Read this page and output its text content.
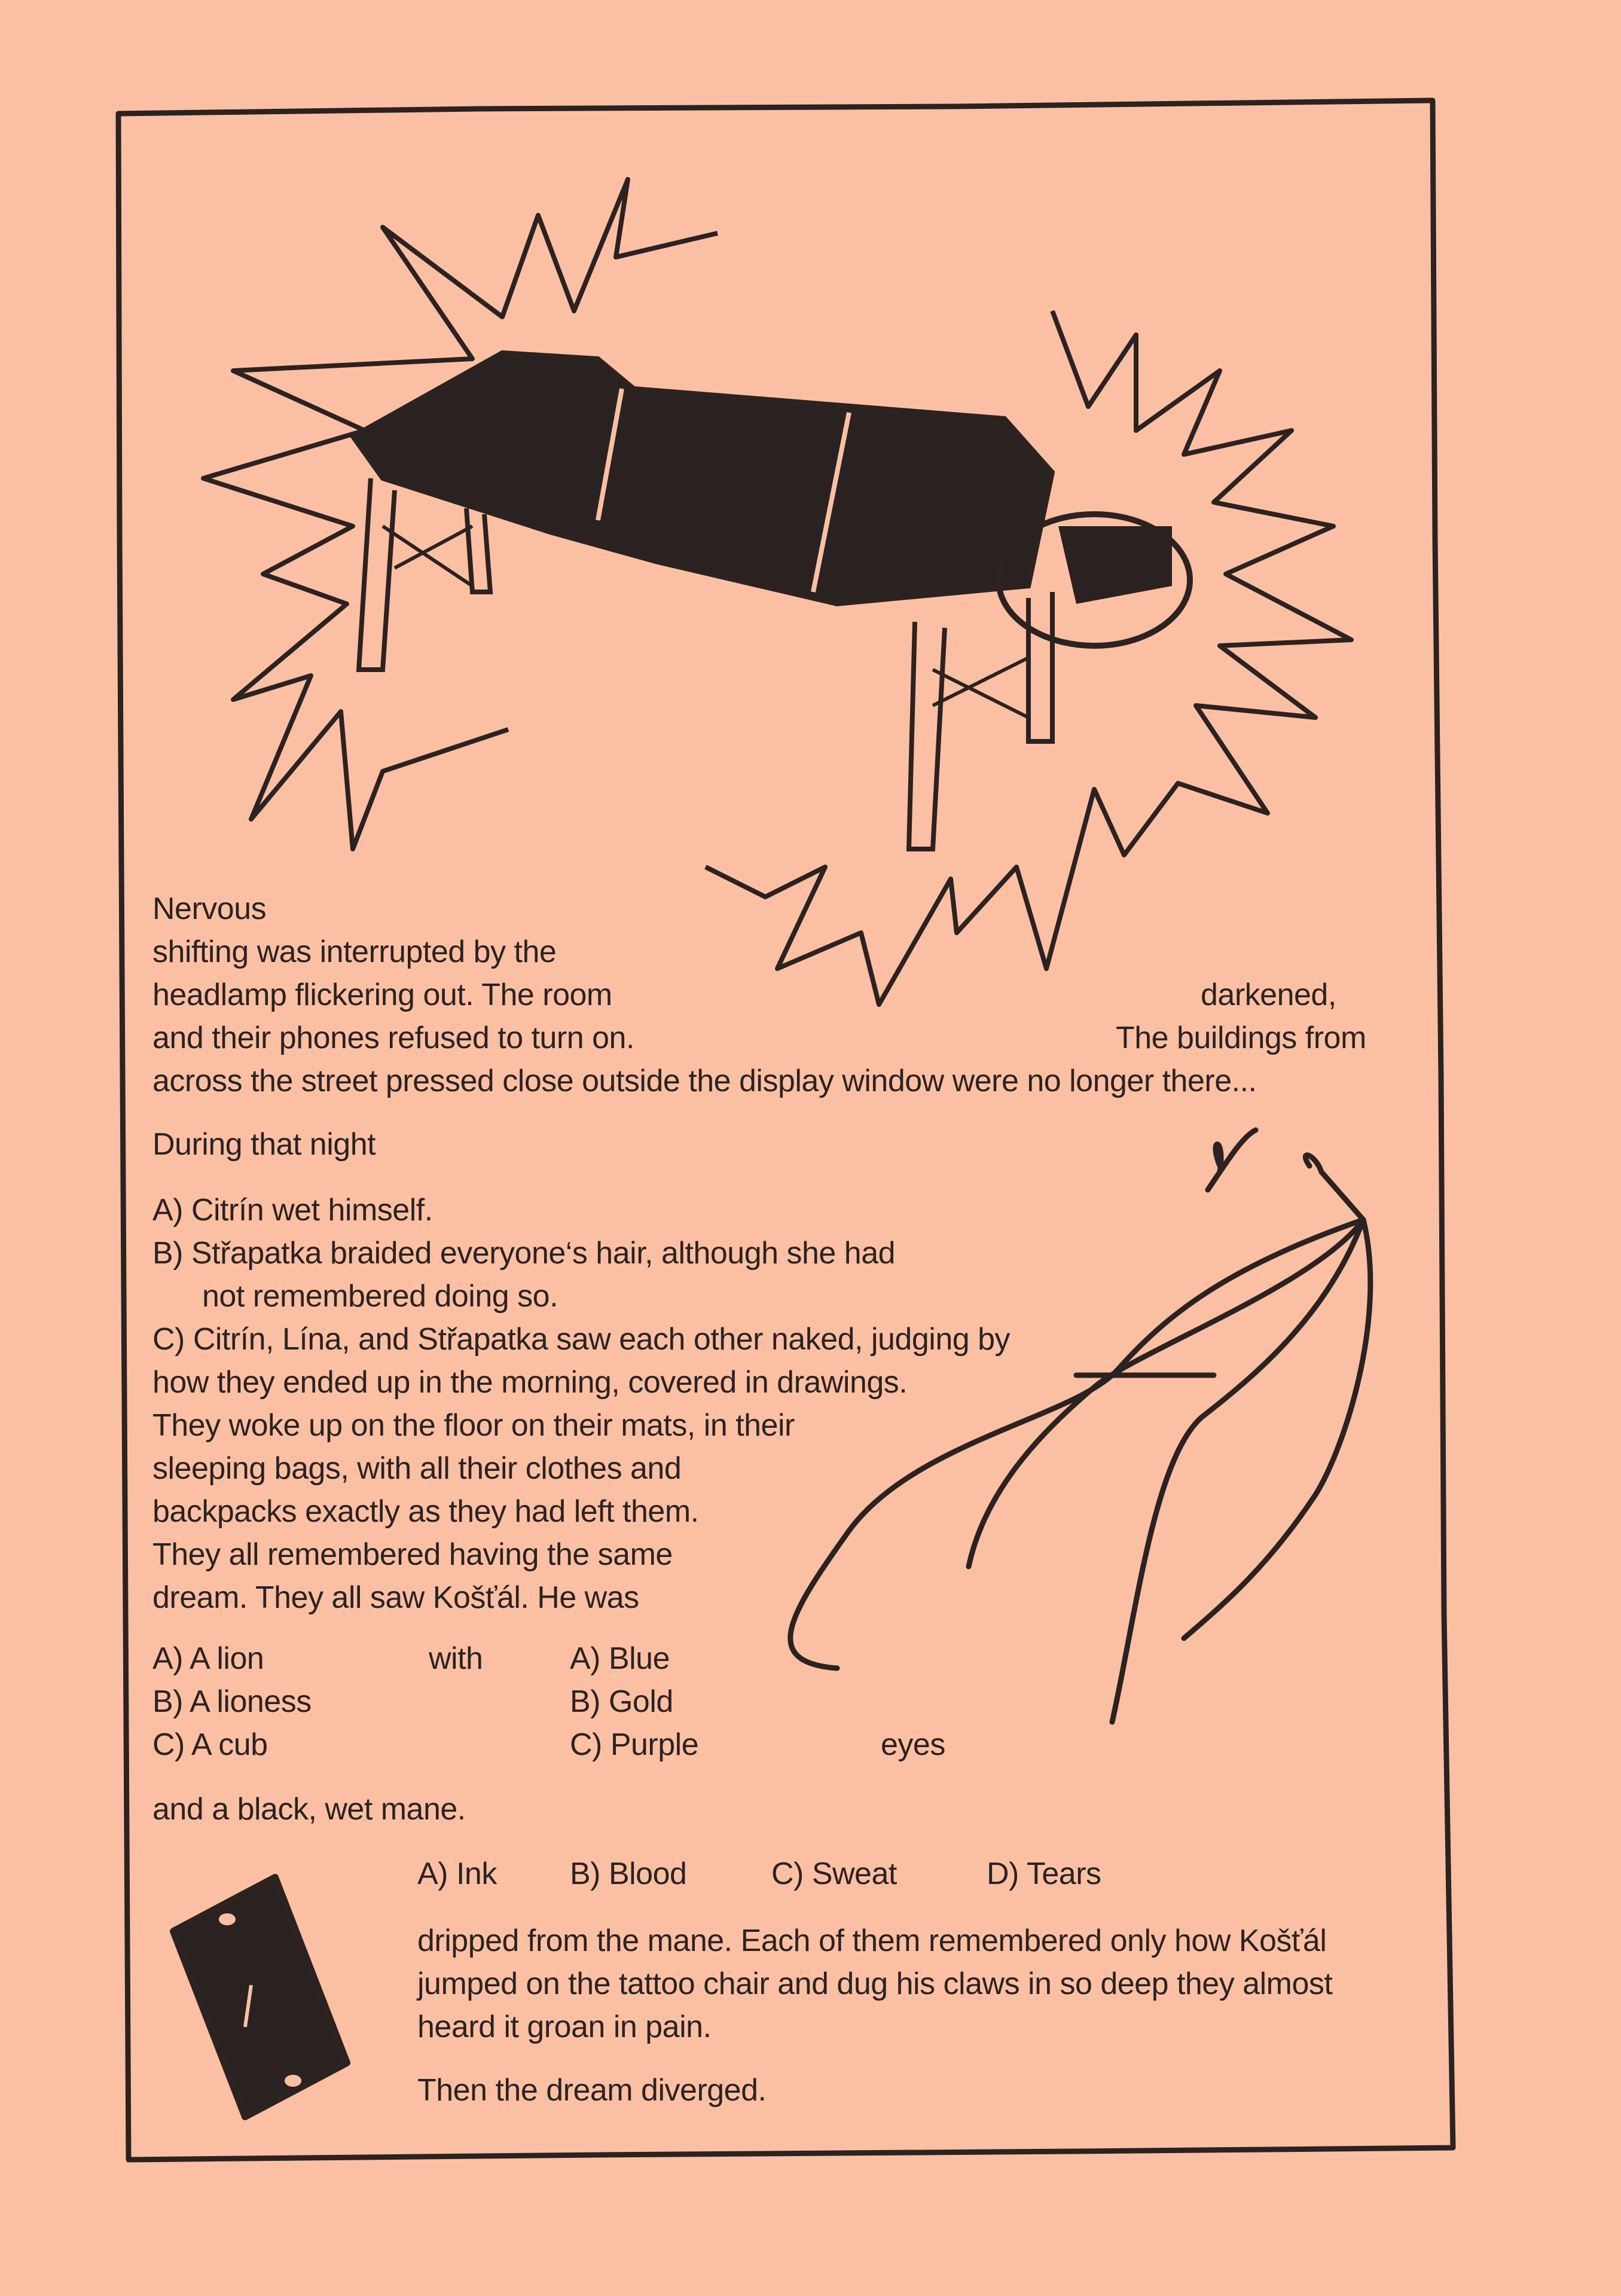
Nervous
shifting was interrupted by the
headlamp flickering out. The room	darkened,
and their phones refused to turn on.	The buildings from
across the street pressed close outside the display window were no longer there...
During that night
A) Citrín wet himself.
B) Střapatka braided everyone‘s hair, although she had
not remembered doing so.
C) Citrín, Lína, and Střapatka saw each other naked, judging by
how they ended up in the morning, covered in drawings.
They woke up on the floor on their mats, in their
sleeping bags, with all their clothes and
backpacks exactly as they had left them.
They all remembered having the same
dream. They all saw Košťál. He was
A) A lion
B) A lioness
C) A cub
with	A) Blue
B) Gold
C) Purple	eyes
and a black, wet mane.
A) Ink B) Blood	C) Sweat	D) Tears
dripped from the mane. Each of them remembered only how Košťál
jumped on the tattoo chair and dug his claws in so deep they almost
heard it groan in pain.
Then the dream diverged.
